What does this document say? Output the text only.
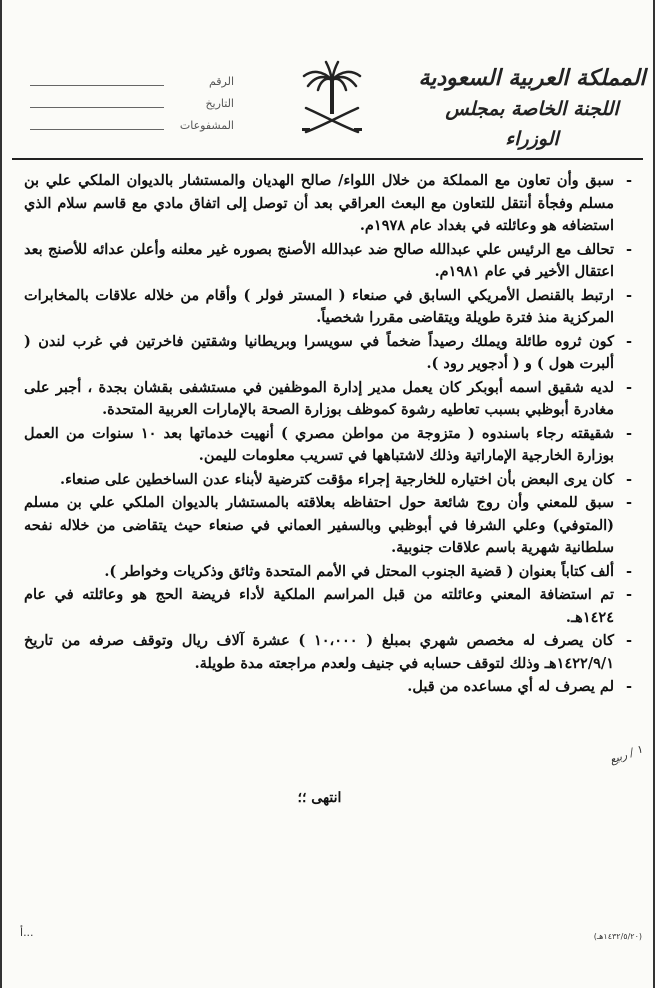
المملكة العربية السعودية
اللجنة الخاصة بمجلس الوزراء
الرقم
التاريخ
المشفوعات
-
سبق وأن تعاون مع المملكة من خلال اللواء/ صالح الهديان والمستشار بالديوان الملكي علي بن مسلم وفجأة أنتقل للتعاون مع البعث العراقي بعد أن توصل إلى اتفاق مادي مع قاسم سلام الذي استضافه هو وعائلته في بغداد عام ١٩٧٨م.
-
تحالف مع الرئيس علي عبدالله صالح ضد عبدالله الأصنج بصوره غير معلنه وأعلن عدائه للأصنج بعد اعتقال الأخير في عام ١٩٨١م.
-
ارتبط بالقنصل الأمريكي السابق في صنعاء ( المستر فولر ) وأقام من خلاله علاقات بالمخابرات المركزية منذ فترة طويلة ويتقاضى مقررا شخصياً.
-
كون ثروه طائلة ويملك رصيداً ضخماً في سويسرا وبريطانيا وشقتين فاخرتين في غرب لندن ( ألبرت هول ) و ( أدجوير رود ).
-
لديه شقيق اسمه أبوبكر كان يعمل مدير إدارة الموظفين في مستشفى بقشان بجدة ، أجبر على مغادرة أبوظبي بسبب تعاطيه رشوة كموظف بوزارة الصحة بالإمارات العربية المتحدة.
-
شقيقته رجاء باسندوه ( متزوجة من مواطن مصري ) أنهيت خدماتها بعد ١٠ سنوات من العمل بوزارة الخارجية الإماراتية وذلك لاشتباهها في تسريب معلومات لليمن.
-
كان يرى البعض بأن اختياره للخارجية إجراء مؤقت كترضية لأبناء عدن الساخطين على صنعاء.
-
سبق للمعني وأن روج شائعة حول احتفاظه بعلاقته بالمستشار بالديوان الملكي علي بن مسلم (المتوفي) وعلي الشرفا في أبوظبي وبالسفير العماني في صنعاء حيث يتقاضى من خلاله نفحه سلطانية شهرية باسم علاقات جنوبية.
-
ألف كتاباً بعنوان ( قضية الجنوب المحتل في الأمم المتحدة وثائق وذكريات وخواطر ).
-
تم استضافة المعني وعائلته من قبل المراسم الملكية لأداء فريضة الحج هو وعائلته في عام ١٤٢٤هـ.
-
كان يصرف له مخصص شهري بمبلغ ( ١٠،٠٠٠ ) عشرة آلاف ريال وتوقف صرفه من تاريخ ١٤٢٢/٩/١هـ وذلك لتوقف حسابه في جنيف ولعدم مراجعته مدة طويلة.
-
لم يصرف له أي مساعده من قبل.
١ / ربيع
انتهى ؛؛
(١٤٣٢/٥/٢٠هـ)
أ...
